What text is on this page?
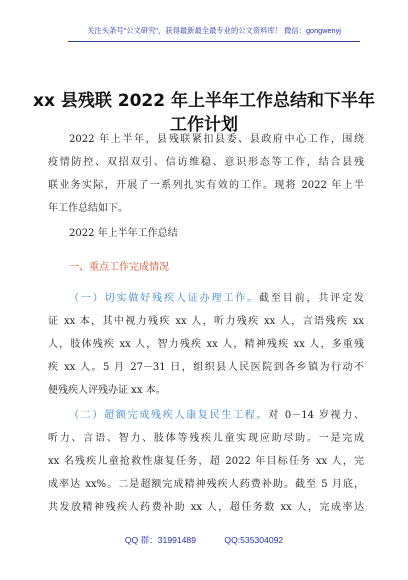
关注头条号"公文研究"，获得最新最全最专业的公文资料库！ 微信：gongwenyj
xx 县残联 2022 年上半年工作总结和下半年
工作计划

2022 年上半年，县残联紧扣县委、县政府中心工作，围绕
疫情防控、双招双引、信访维稳、意识形态等工作，结合县残
联业务实际，开展了一系列扎实有效的工作。现将 2022 年上半
年工作总结如下。

2022 年上半年工作总结
一、重点工作完成情况

（一）切实做好残疾人证办理工作。截至目前，共评定发
证 xx 本，其中视力残疾 xx 人，听力残疾 xx 人，言语残疾 xx
人，肢体残疾 xx 人，智力残疾 xx 人，精神残疾 xx 人，多重残
疾 xx 人。5 月 27－31 日，组织县人民医院到各乡镇为行动不
便残疾人评残办证 xx 本。

（二）超额完成残疾人康复民生工程。对 0－14 岁视力、
听力、言语、智力、肢体等残疾儿童实现应助尽助。一是完成
xx 名残疾儿童抢救性康复任务，超 2022 年目标任务 xx 人，完
成率达 xx%。二是超额完成精神残疾人药费补助。截至 5 月底，
共发放精神残疾人药费补助 xx 人，超任务数 xx 人，完成率达

QQ 群：31991489	QQ:535304092
